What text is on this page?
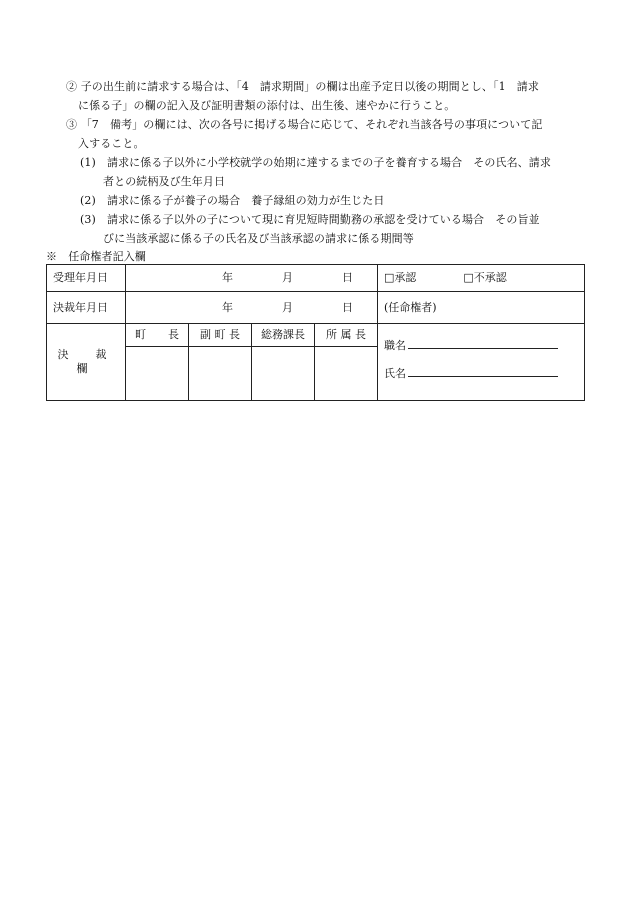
② 子の出生前に請求する場合は、「4　請求期間」の欄は出産予定日以後の期間とし、「1　請求
に係る子」の欄の記入及び証明書類の添付は、出生後、速やかに行うこと。
③ 「7　備考」の欄には、次の各号に掲げる場合に応じて、それぞれ当該各号の事項について記
入すること。
(1)　請求に係る子以外に小学校就学の始期に達するまでの子を養育する場合　その氏名、請求
者との続柄及び生年月日
(2)　請求に係る子が養子の場合　養子縁組の効力が生じた日
(3)　請求に係る子以外の子について現に育児短時間勤務の承認を受けている場合　その旨並
びに当該承認に係る子の氏名及び当該承認の請求に係る期間等
※　任命権者記入欄
受理年月日	年 月 日				□承認 □不承認
決裁年月日	年 月 日				(任命権者)
決　裁　欄	町　　長	副 町 長	総務課長	所 属 長	職名
氏名
